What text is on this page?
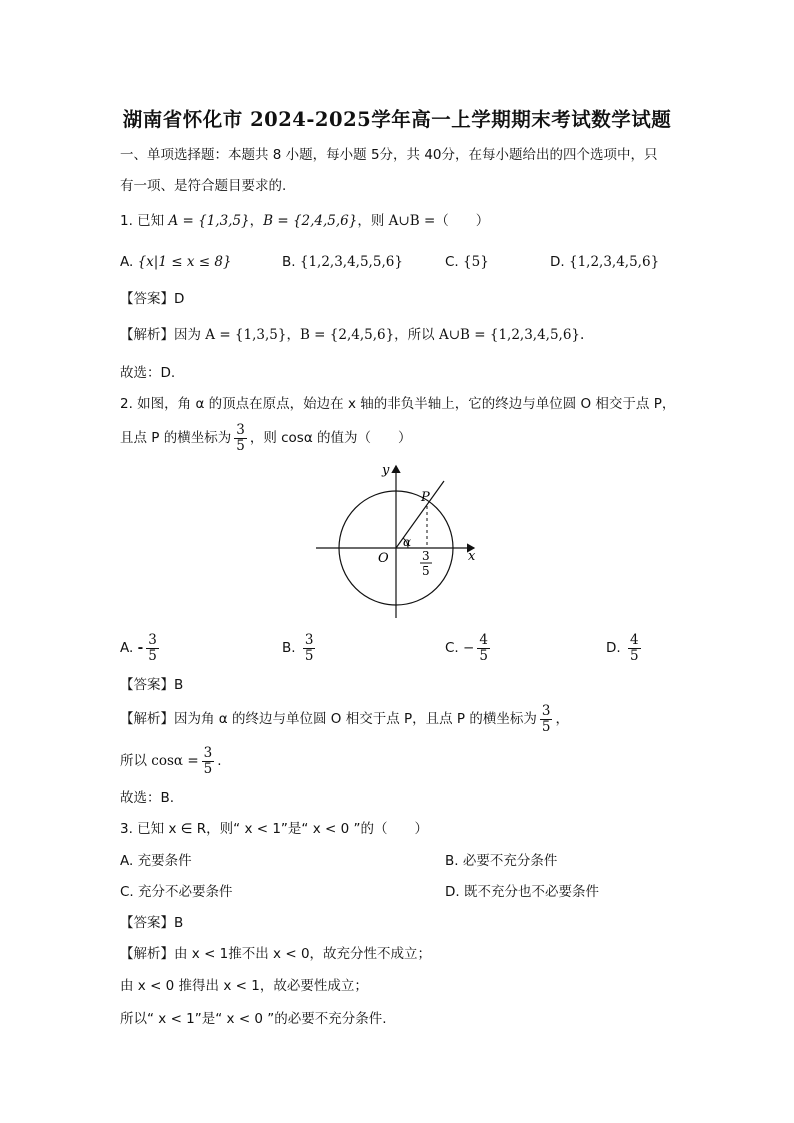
湖南省怀化市 2024-2025学年高一上学期期末考试数学试题
一、单项选择题：本题共 8 小题，每小题 5分，共 40分，在每小题给出的四个选项中，只
有一项、是符合题目要求的.
1. 已知 A = {1,3,5}，B = {2,4,5,6}，则 A∪B =（　　）
A. {x|1 ≤ x ≤ 8}	B. {1,2,3,4,5,5,6}	C. {5}	D. {1,2,3,4,5,6}
【答案】D
【解析】因为 A = {1,3,5}，B = {2,4,5,6}，所以 A∪B = {1,2,3,4,5,6}.
故选：D.
2. 如图，角 α 的顶点在原点，始边在 x 轴的非负半轴上，它的终边与单位圆 O 相交于点 P，
且点 P 的横坐标为 $\frac{3}{5}$ ，则 cosα 的值为（　　）
y
x
O
P
α
3
5
A. - $\frac{3}{5}$	B. $\frac{3}{5}$	C. − $\frac{4}{5}$	D. $\frac{4}{5}$
【答案】B
【解析】因为角 α 的终边与单位圆 O 相交于点 P，且点 P 的横坐标为 $\frac{3}{5}$ ，
所以 $\cos\alpha = \frac{3}{5}$ .
故选：B.
3. 已知 x ∈ R，则“ x < 1”是“ x < 0 ”的（　　）
A. 充要条件	B. 必要不充分条件
C. 充分不必要条件	D. 既不充分也不必要条件
【答案】B
【解析】由 x < 1推不出 x < 0，故充分性不成立；
由 x < 0 推得出 x < 1，故必要性成立；
所以“ x < 1”是“ x < 0 ”的必要不充分条件.
